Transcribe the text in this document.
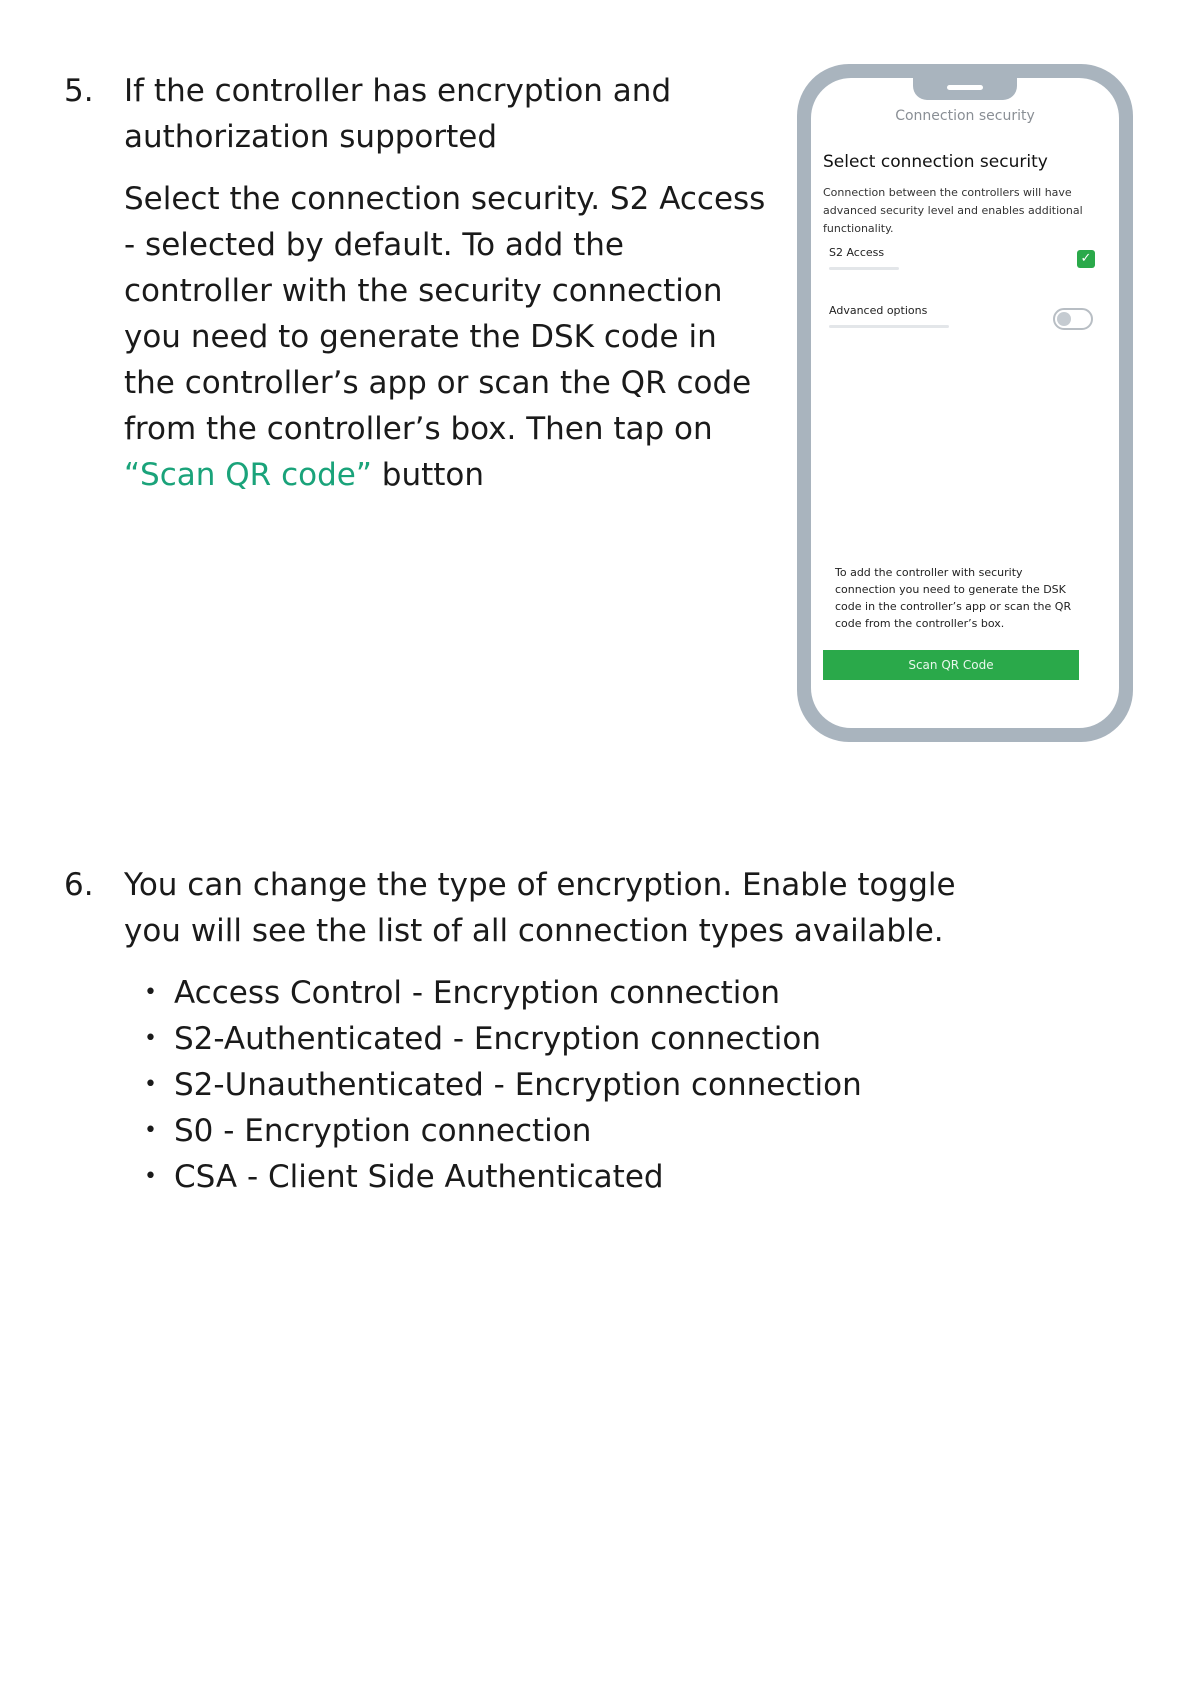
5. If the controller has encryption and authorization supported
Select the connection security. S2 Access - selected by default. To add the controller with the security connection you need to generate the DSK code in the controller’s app or scan the QR code from the controller’s box. Then tap on “Scan QR code” button
Connection security
Select connection security
Connection between the controllers will have advanced security level and enables additional functionality.
S2 Access	✓
Advanced options
To add the controller with security connection you need to generate the DSK code in the controller’s app or scan the QR code from the controller’s box.
Scan QR Code
6. You can change the type of encryption. Enable toggle you will see the list of all connection types available.
• Access Control - Encryption connection
• S2-Authenticated - Encryption connection
• S2-Unauthenticated - Encryption connection
• S0 - Encryption connection
• CSA - Client Side Authenticated
